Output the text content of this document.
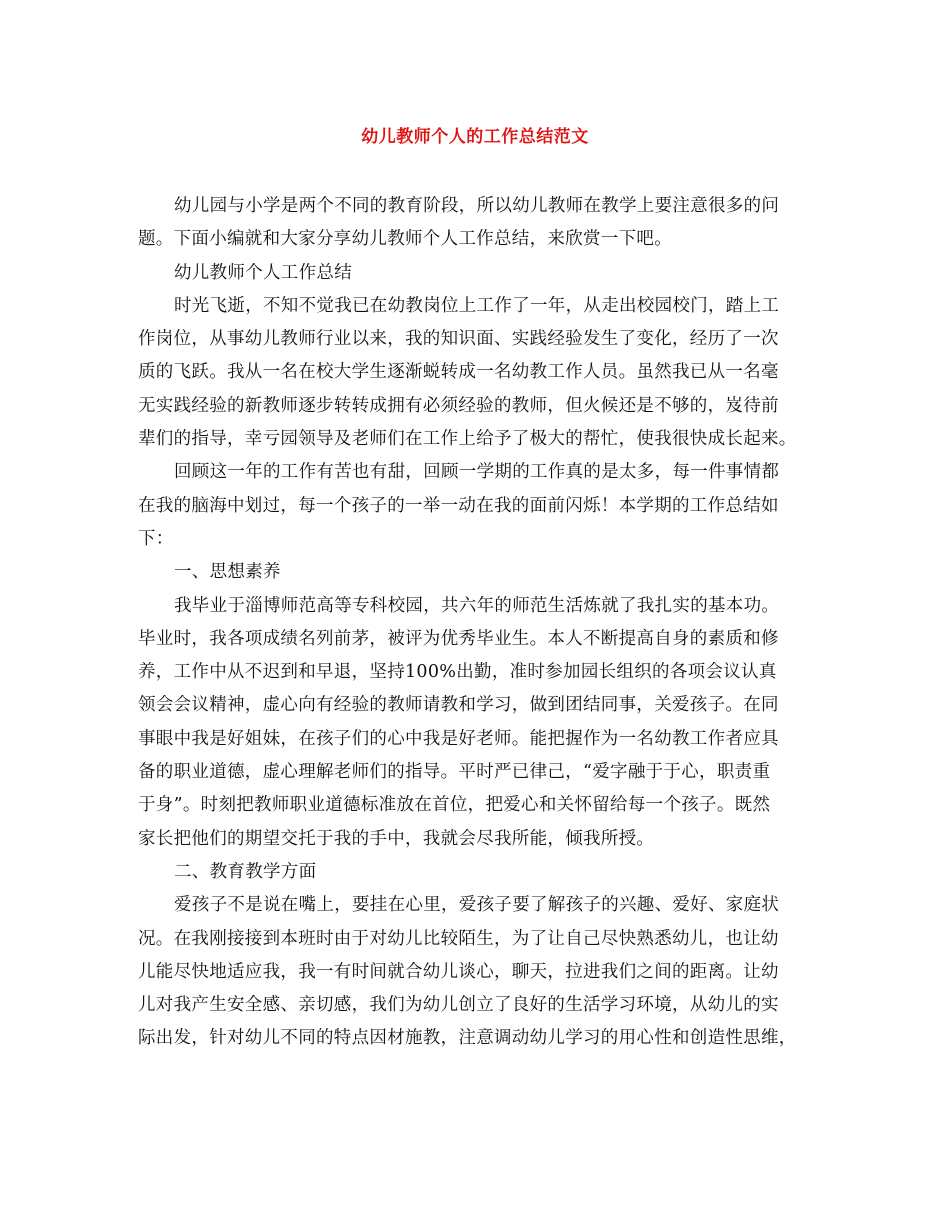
幼儿教师个人的工作总结范文
幼儿园与小学是两个不同的教育阶段，所以幼儿教师在教学上要注意很多的问
题。下面小编就和大家分享幼儿教师个人工作总结，来欣赏一下吧。
幼儿教师个人工作总结
时光飞逝，不知不觉我已在幼教岗位上工作了一年，从走出校园校门，踏上工
作岗位，从事幼儿教师行业以来，我的知识面、实践经验发生了变化，经历了一次
质的飞跃。我从一名在校大学生逐渐蜕转成一名幼教工作人员。虽然我已从一名毫
无实践经验的新教师逐步转转成拥有必须经验的教师，但火候还是不够的，岌待前
辈们的指导，幸亏园领导及老师们在工作上给予了极大的帮忙，使我很快成长起来。
回顾这一年的工作有苦也有甜，回顾一学期的工作真的是太多，每一件事情都
在我的脑海中划过，每一个孩子的一举一动在我的面前闪烁！本学期的工作总结如
下：
一、思想素养
我毕业于淄博师范高等专科校园，共六年的师范生活炼就了我扎实的基本功。
毕业时，我各项成绩名列前茅，被评为优秀毕业生。本人不断提高自身的素质和修
养，工作中从不迟到和早退，坚持100%出勤，准时参加园长组织的各项会议认真
领会会议精神，虚心向有经验的教师请教和学习，做到团结同事，关爱孩子。在同
事眼中我是好姐妹，在孩子们的心中我是好老师。能把握作为一名幼教工作者应具
备的职业道德，虚心理解老师们的指导。平时严已律己，“爱字融于于心，职责重
于身”。时刻把教师职业道德标准放在首位，把爱心和关怀留给每一个孩子。既然
家长把他们的期望交托于我的手中，我就会尽我所能，倾我所授。
二、教育教学方面
爱孩子不是说在嘴上，要挂在心里，爱孩子要了解孩子的兴趣、爱好、家庭状
况。在我刚接接到本班时由于对幼儿比较陌生，为了让自己尽快熟悉幼儿，也让幼
儿能尽快地适应我，我一有时间就合幼儿谈心，聊天，拉进我们之间的距离。让幼
儿对我产生安全感、亲切感，我们为幼儿创立了良好的生活学习环境，从幼儿的实
际出发，针对幼儿不同的特点因材施教，注意调动幼儿学习的用心性和创造性思维，
